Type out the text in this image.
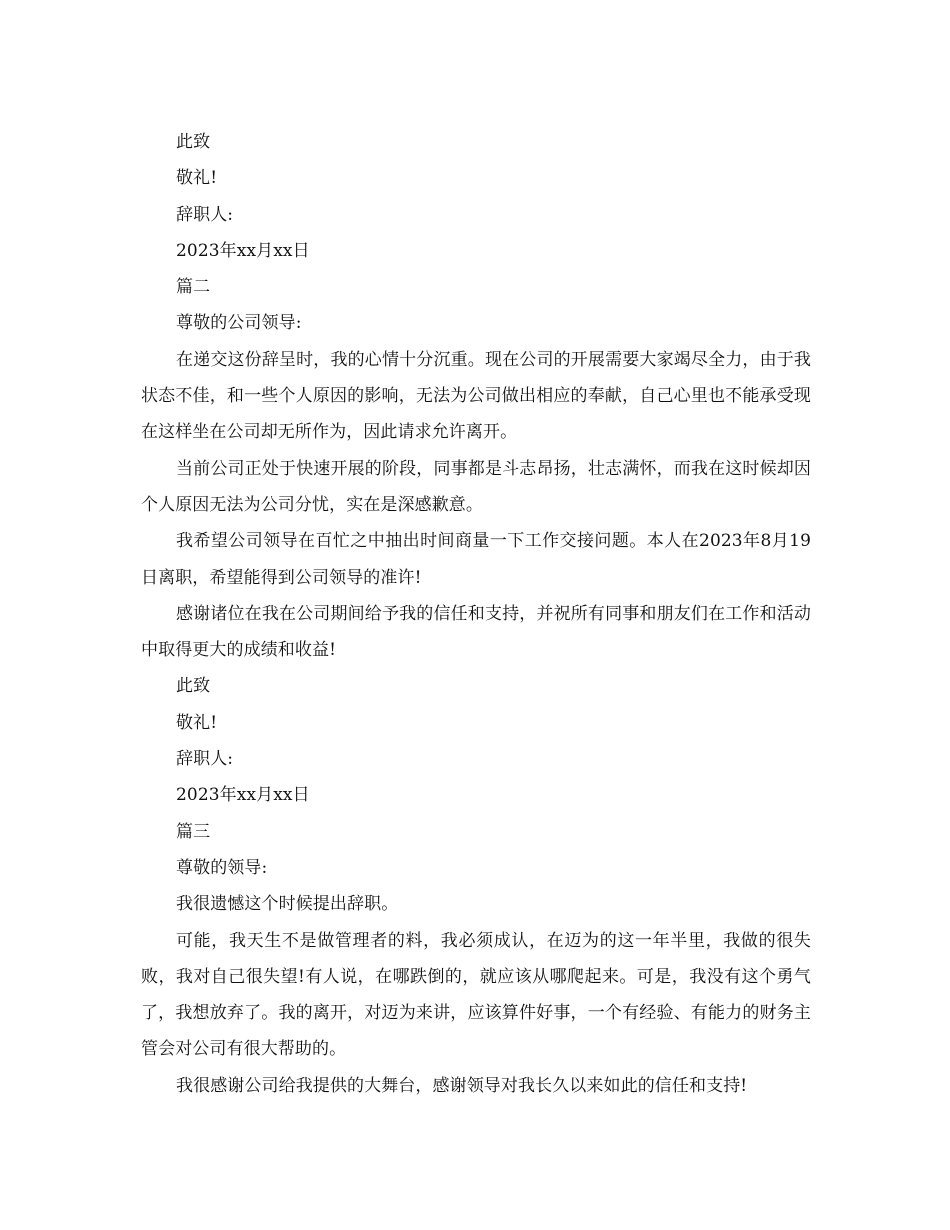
此致
敬礼!
辞职人:
2023年xx月xx日
篇二
尊敬的公司领导:

在递交这份辞呈时，我的心情十分沉重。现在公司的开展需要大家竭尽全力，由于我状态不佳，和一些个人原因的影响，无法为公司做出相应的奉献，自己心里也不能承受现在这样坐在公司却无所作为，因此请求允许离开。

当前公司正处于快速开展的阶段，同事都是斗志昂扬，壮志满怀，而我在这时候却因个人原因无法为公司分忧，实在是深感歉意。

我希望公司领导在百忙之中抽出时间商量一下工作交接问题。本人在2023年8月19日离职，希望能得到公司领导的准许!

感谢诸位在我在公司期间给予我的信任和支持，并祝所有同事和朋友们在工作和活动中取得更大的成绩和收益!

此致
敬礼!
辞职人:
2023年xx月xx日
篇三
尊敬的领导:

我很遗憾这个时候提出辞职。

可能，我天生不是做管理者的料，我必须成认，在迈为的这一年半里，我做的很失败，我对自己很失望!有人说，在哪跌倒的，就应该从哪爬起来。可是，我没有这个勇气了，我想放弃了。我的离开，对迈为来讲，应该算件好事，一个有经验、有能力的财务主管会对公司有很大帮助的。

我很感谢公司给我提供的大舞台，感谢领导对我长久以来如此的信任和支持!
